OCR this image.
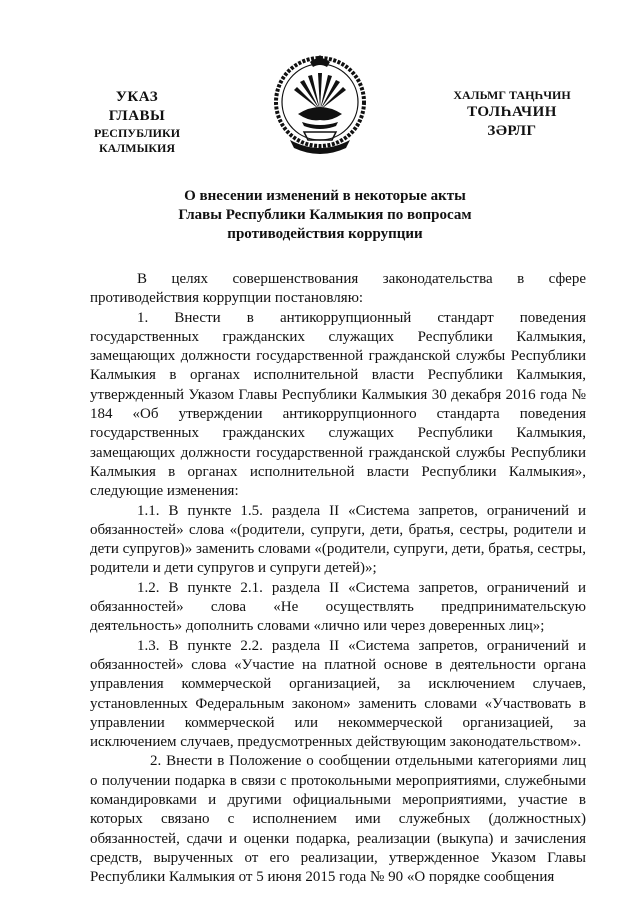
УКАЗ
ГЛАВЫ
РЕСПУБЛИКИ КАЛМЫКИЯ
ХАЛЬМГ ТАҢҺЧИН
ТОЛҺАЧИН
ЗӘРЛГ
О внесении изменений в некоторые акты
Главы Республики Калмыкия по вопросам
противодействия коррупции

В целях совершенствования законодательства в сфере противодействия коррупции постановляю:

1. Внести в антикоррупционный стандарт поведения государственных гражданских служащих Республики Калмыкия, замещающих должности государственной гражданской службы Республики Калмыкия в органах исполнительной власти Республики Калмыкия, утвержденный Указом Главы Республики Калмыкия 30 декабря 2016 года № 184 «Об утверждении антикоррупционного стандарта поведения государственных гражданских служащих Республики Калмыкия, замещающих должности государственной гражданской службы Республики Калмыкия в органах исполнительной власти Республики Калмыкия», следующие изменения:

1.1. В пункте 1.5. раздела II «Система запретов, ограничений и обязанностей» слова «(родители, супруги, дети, братья, сестры, родители и дети супругов)» заменить словами «(родители, супруги, дети, братья, сестры, родители и дети супругов и супруги детей)»;

1.2. В пункте 2.1. раздела II «Система запретов, ограничений и обязанностей» слова «Не осуществлять предпринимательскую деятельность» дополнить словами «лично или через доверенных лиц»;

1.3. В пункте 2.2. раздела II «Система запретов, ограничений и обязанностей» слова «Участие на платной основе в деятельности органа управления коммерческой организацией, за исключением случаев, установленных Федеральным законом» заменить словами «Участвовать в управлении коммерческой или некоммерческой организацией, за исключением случаев, предусмотренных действующим законодательством».

2. Внести в Положение о сообщении отдельными категориями лиц о получении подарка в связи с протокольными мероприятиями, служебными командировками и другими официальными мероприятиями, участие в которых связано с исполнением ими служебных (должностных) обязанностей, сдачи и оценки подарка, реализации (выкупа) и зачисления средств, вырученных от его реализации, утвержденное Указом Главы Республики Калмыкия от 5 июня 2015 года № 90 «О порядке сообщения
